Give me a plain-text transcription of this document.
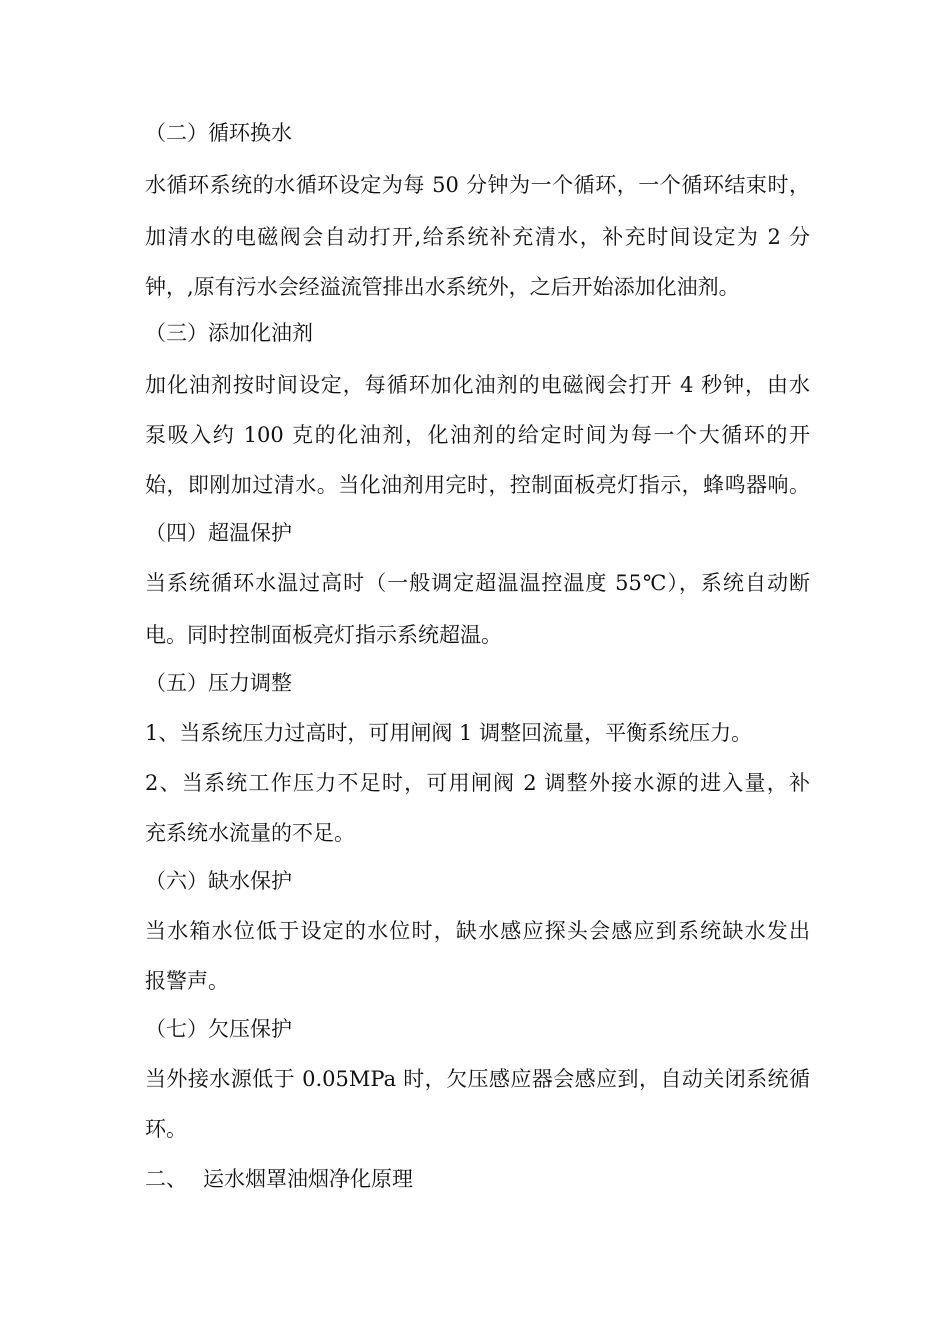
（二）循环换水
水循环系统的水循环设定为每 50 分钟为一个循环，一个循环结束时，
加清水的电磁阀会自动打开,给系统补充清水，补充时间设定为 2 分
钟，,原有污水会经溢流管排出水系统外，之后开始添加化油剂。
（三）添加化油剂
加化油剂按时间设定，每循环加化油剂的电磁阀会打开 4 秒钟，由水
泵吸入约 100 克的化油剂，化油剂的给定时间为每一个大循环的开
始，即刚加过清水。当化油剂用完时，控制面板亮灯指示，蜂鸣器响。
（四）超温保护
当系统循环水温过高时（一般调定超温温控温度 55℃），系统自动断
电。同时控制面板亮灯指示系统超温。
（五）压力调整
1、当系统压力过高时，可用闸阀 1 调整回流量，平衡系统压力。
2、当系统工作压力不足时，可用闸阀 2 调整外接水源的进入量，补
充系统水流量的不足。
（六）缺水保护
当水箱水位低于设定的水位时，缺水感应探头会感应到系统缺水发出
报警声。
（七）欠压保护
当外接水源低于 0.05MPa 时，欠压感应器会感应到，自动关闭系统循
环。
二、 运水烟罩油烟净化原理
